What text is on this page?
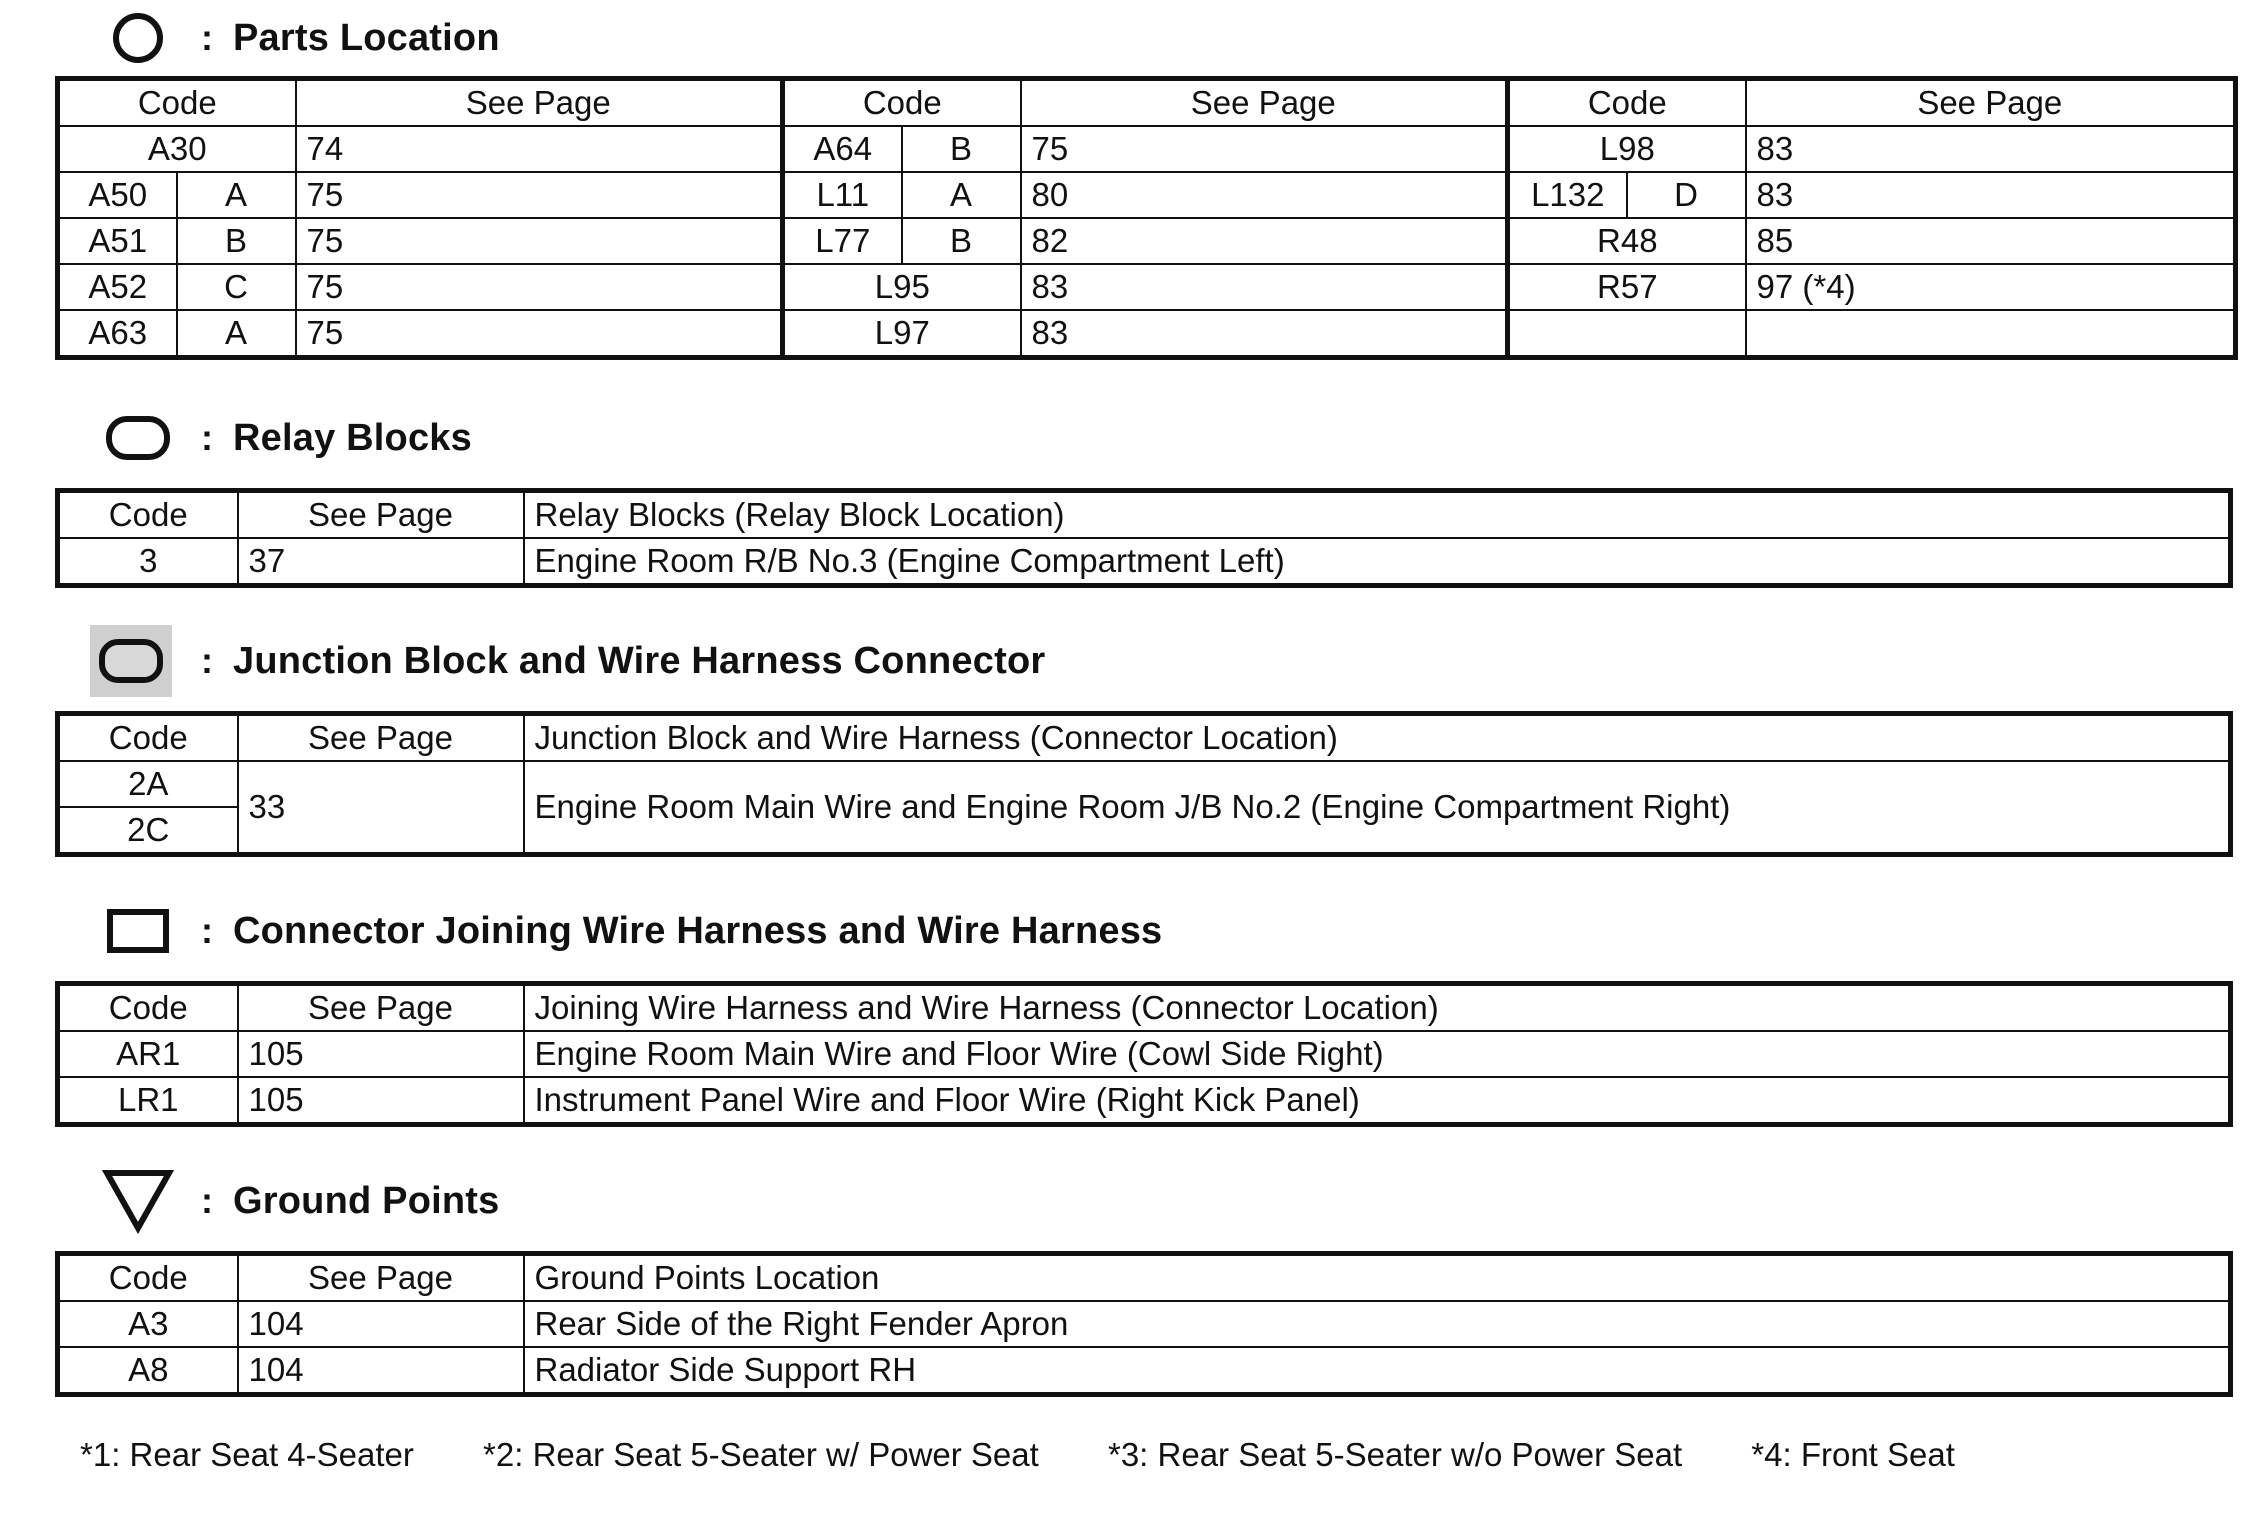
: Parts Location
Code		See Page	Code		See Page	Code		See Page
A30		74	A64	B	75	L98		83
A50	A	75	L11	A	80	L132	D	83
A51	B	75	L77	B	82	R48		85
A52	C	75	L95		83	R57		97 (*4)
A63	A	75	L97		83			
: Relay Blocks
Code	See Page	Relay Blocks (Relay Block Location)
3	37	Engine Room R/B No.3 (Engine Compartment Left)
: Junction Block and Wire Harness Connector
Code	See Page	Junction Block and Wire Harness (Connector Location)
2A	33	Engine Room Main Wire and Engine Room J/B No.2 (Engine Compartment Right)
2C		
: Connector Joining Wire Harness and Wire Harness
Code	See Page	Joining Wire Harness and Wire Harness (Connector Location)
AR1	105	Engine Room Main Wire and Floor Wire (Cowl Side Right)
LR1	105	Instrument Panel Wire and Floor Wire (Right Kick Panel)
: Ground Points
Code	See Page	Ground Points Location
A3	104	Rear Side of the Right Fender Apron
A8	104	Radiator Side Support RH
*1: Rear Seat 4-Seater *2: Rear Seat 5-Seater w/ Power Seat *3: Rear Seat 5-Seater w/o Power Seat *4: Front Seat
